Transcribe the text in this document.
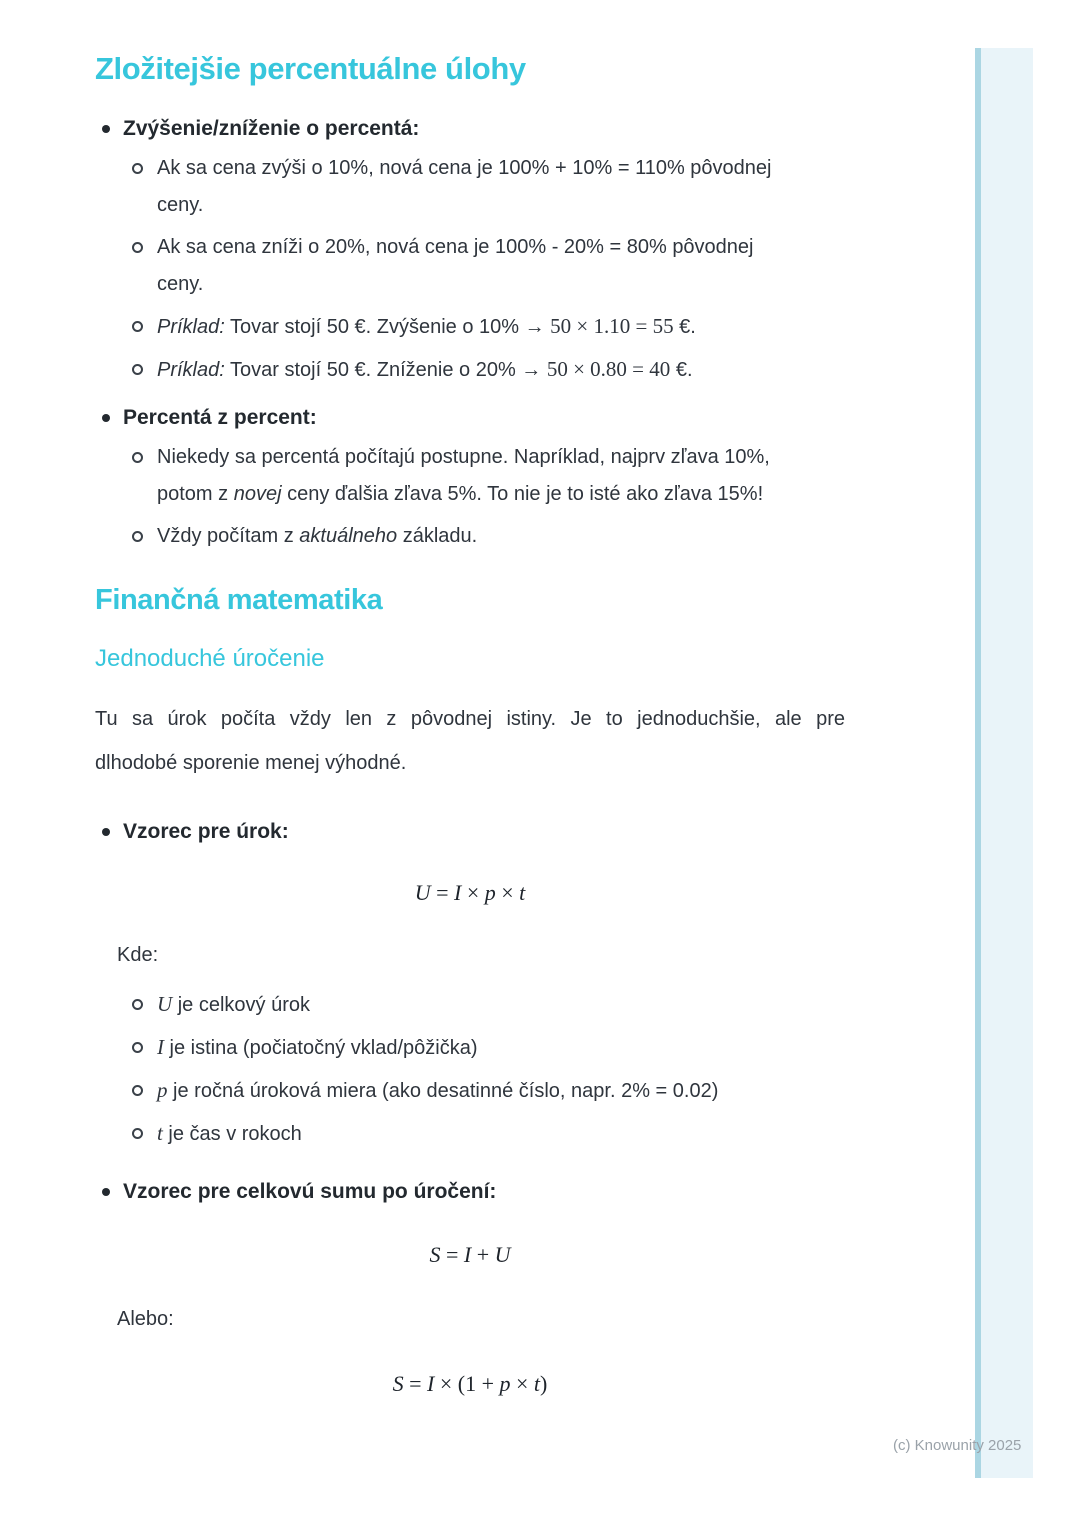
Zložitejšie percentuálne úlohy
Zvýšenie/zníženie o percentá:
Ak sa cena zvýši o 10%, nová cena je 100% + 10% = 110% pôvodnej
ceny.
Ak sa cena zníži o 20%, nová cena je 100% - 20% = 80% pôvodnej
ceny.
Príklad: Tovar stojí 50 €. Zvýšenie o 10% → 50 × 1.10 = 55 €.
Príklad: Tovar stojí 50 €. Zníženie o 20% → 50 × 0.80 = 40 €.
Percentá z percent:
Niekedy sa percentá počítajú postupne. Napríklad, najprv zľava 10%,
potom z novej ceny ďalšia zľava 5%. To nie je to isté ako zľava 15%!
Vždy počítam z aktuálneho základu.
Finančná matematika
Jednoduché úročenie

Tu sa úrok počíta vždy len z pôvodnej istiny. Je to jednoduchšie, ale pre
dlhodobé sporenie menej výhodné.

Vzorec pre úrok:
U = I × p × t
Kde:
U je celkový úrok
I je istina (počiatočný vklad/pôžička)
p je ročná úroková miera (ako desatinné číslo, napr. 2% = 0.02)
t je čas v rokoch
Vzorec pre celkovú sumu po úročení:
S = I + U
Alebo:
S = I × (1 + p × t)
(c) Knowunity 2025
